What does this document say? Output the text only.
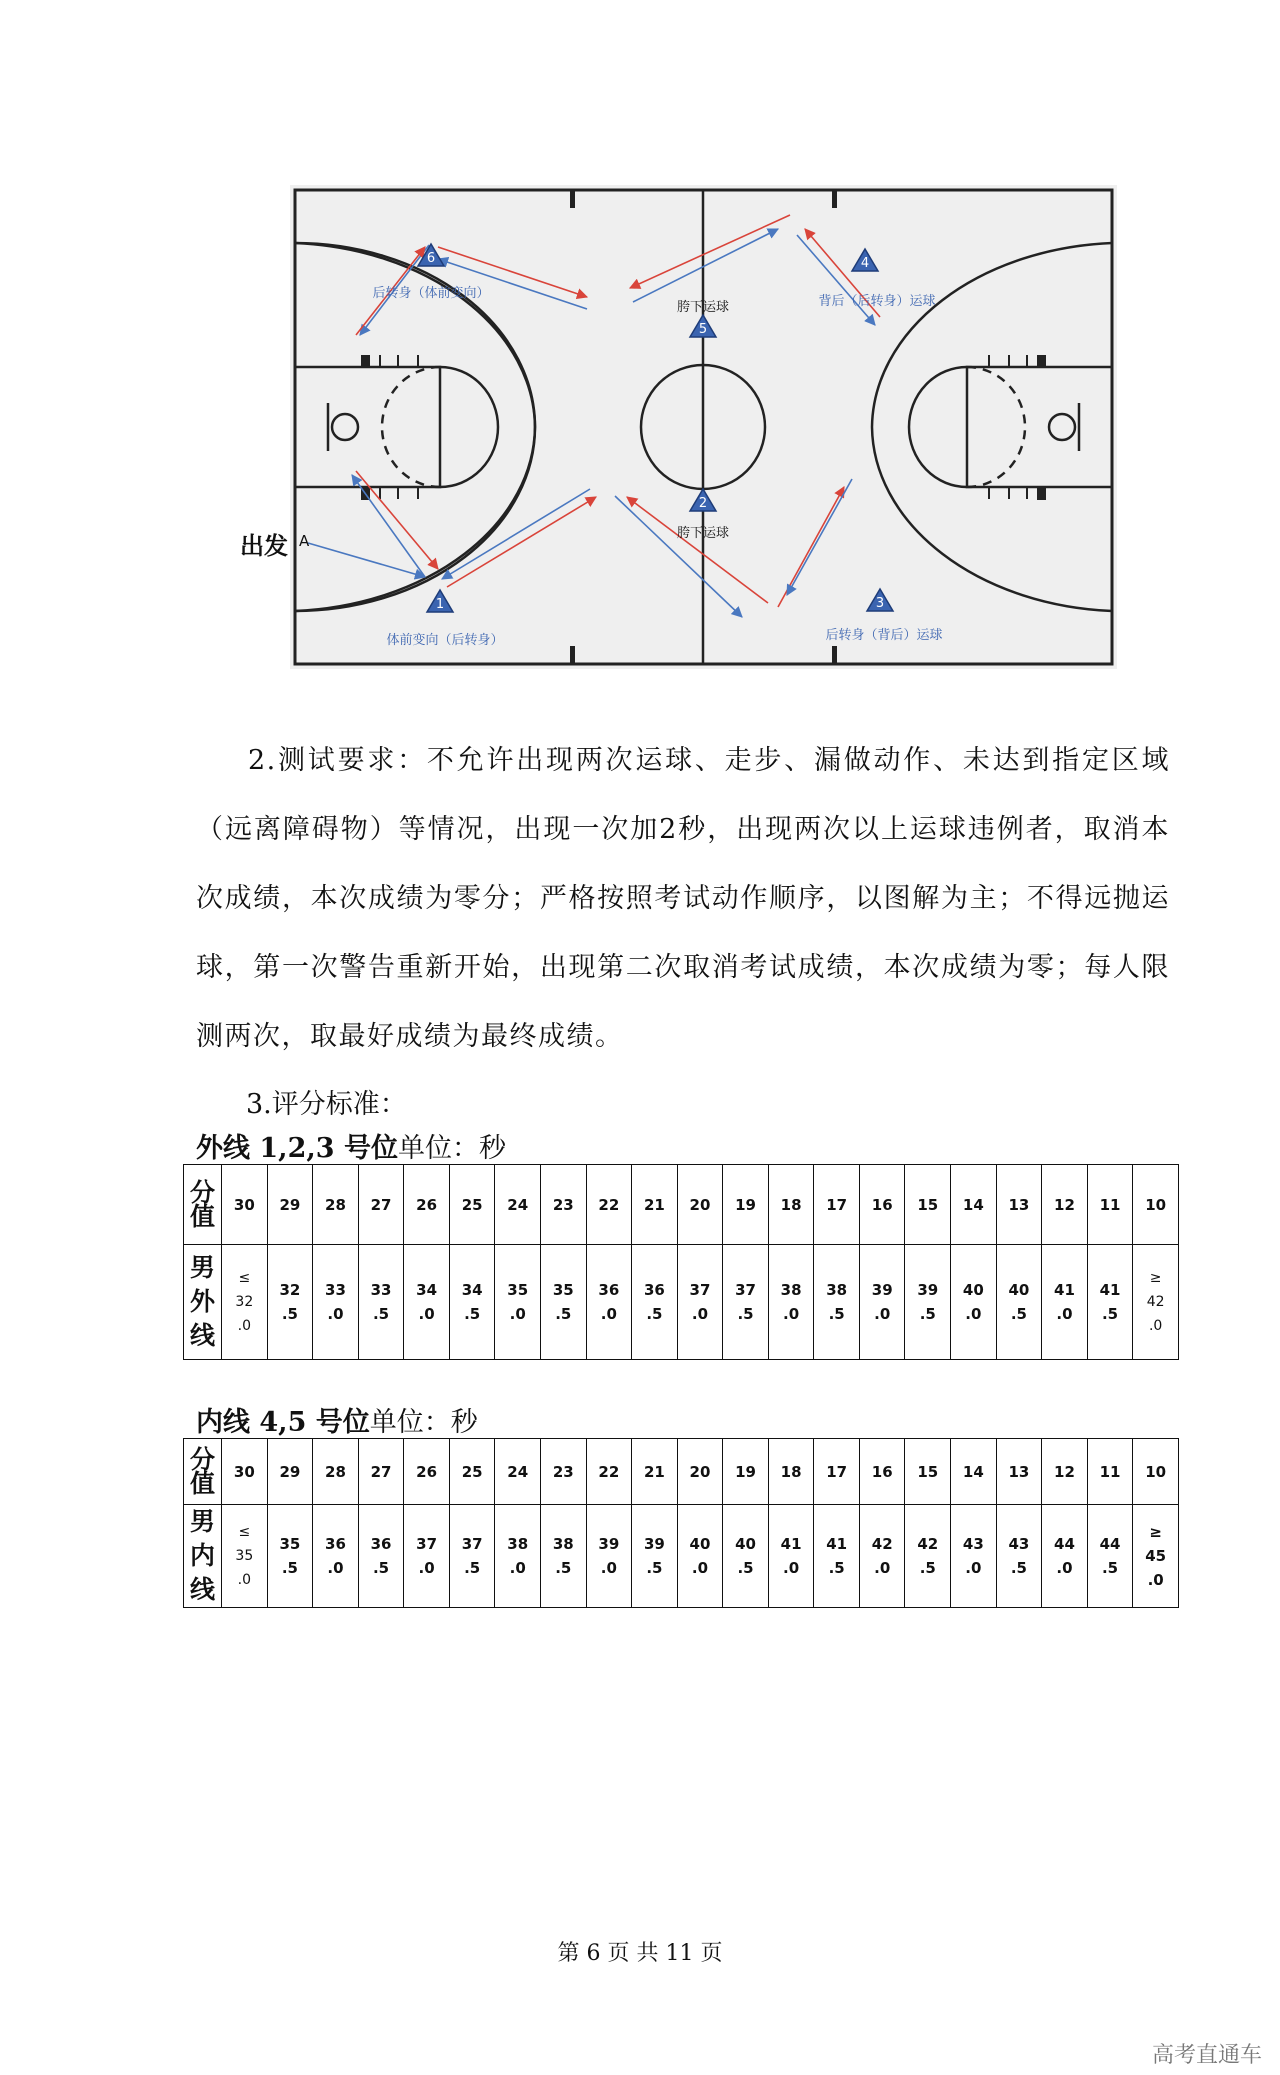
1
体前变向（后转身）
2
胯下运球
3
后转身（背后）运球
4
背后（后转身）运球
5
胯下运球
6
后转身（体前变向）
出发 A

2.测试要求：不允许出现两次运球、走步、漏做动作、未达到指定区域（远离障碍物）等情况，出现一次加2秒，出现两次以上运球违例者，取消本次成绩，本次成绩为零分；严格按照考试动作顺序，以图解为主；不得远抛运球，第一次警告重新开始，出现第二次取消考试成绩，本次成绩为零；每人限测两次，取最好成绩为最终成绩。

3.评分标准：
外线 1,2,3 号位单位：秒
分
值	30	29	28	27	26	25	24	23	22	21	20	19	18	17	16	15	14	13	12	11	10

男
外
线	≤
32
.0	32
.5	33
.0	33
.5	34
.0	34
.5	35
.0	35
.5	36
.0	36
.5	37
.0	37
.5	38
.0	38
.5	39
.0	39
.5	40
.0	40
.5	41
.0	41
.5	≥
42
.0
内线 4,5 号位单位：秒
分
值	30	29	28	27	26	25	24	23	22	21	20	19	18	17	16	15	14	13	12	11	10

男
内
线	≤
35
.0	35
.5	36
.0	36
.5	37
.0	37
.5	38
.0	38
.5	39
.0	39
.5	40
.0	40
.5	41
.0	41
.5	42
.0	42
.5	43
.0	43
.5	44
.0	44
.5	≥
45
.0
第 6 页 共 11 页
高考直通车
